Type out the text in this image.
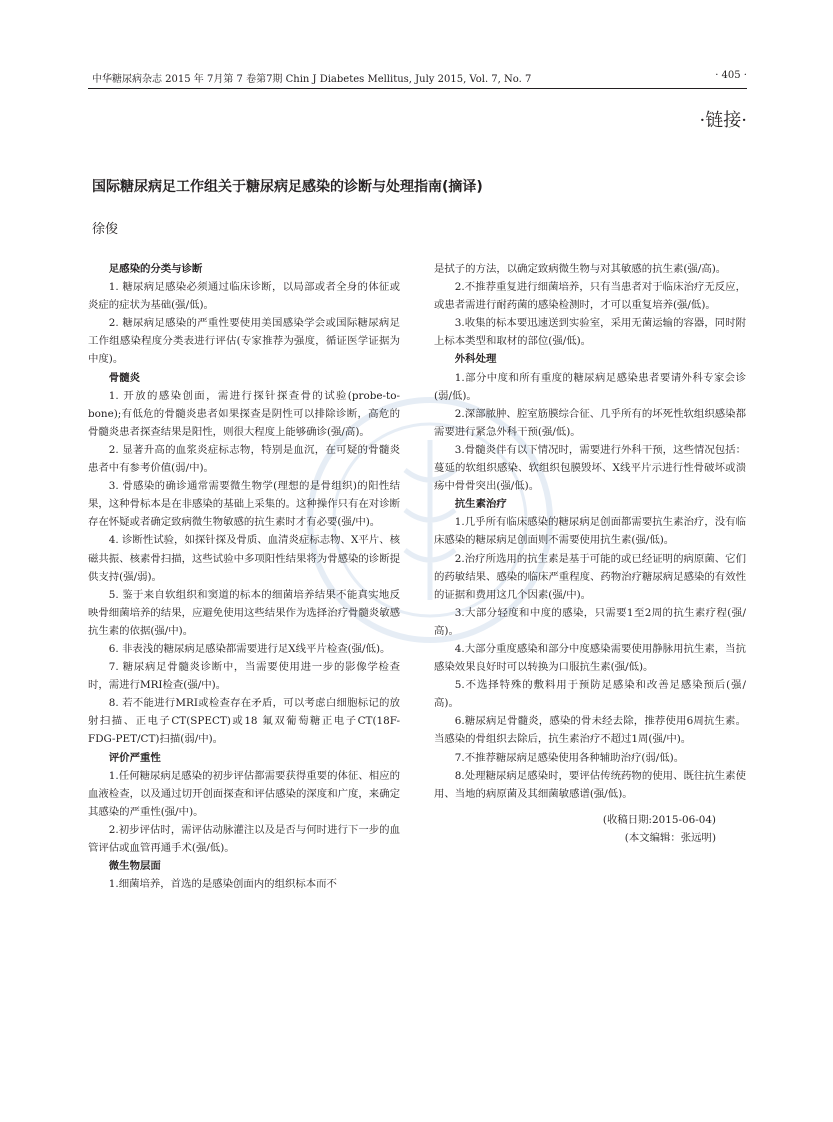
中华糖尿病杂志 2015 年 7月第 7 卷第7期 Chin J Diabetes Mellitus, July 2015, Vol. 7, No. 7	· 405 ·
·链接·
国际糖尿病足工作组关于糖尿病足感染的诊断与处理指南(摘译)
徐俊
足感染的分类与诊断

1. 糖尿病足感染必须通过临床诊断，以局部或者全身的体征或炎症的症状为基础(强/低)。

2. 糖尿病足感染的严重性要使用美国感染学会或国际糖尿病足工作组感染程度分类表进行评估(专家推荐为强度，循证医学证据为中度)。

骨髓炎

1. 开放的感染创面，需进行探针探查骨的试验(probe-to-bone);有低危的骨髓炎患者如果探查是阴性可以排除诊断，高危的骨髓炎患者探查结果是阳性，则很大程度上能够确诊(强/高)。

2. 显著升高的血浆炎症标志物，特别是血沉，在可疑的骨髓炎患者中有参考价值(弱/中)。

3. 骨感染的确诊通常需要微生物学(理想的是骨组织)的阳性结果，这种骨标本是在非感染的基础上采集的。这种操作只有在对诊断存在怀疑或者确定致病微生物敏感的抗生素时才有必要(强/中)。

4. 诊断性试验，如探针探及骨质、血清炎症标志物、X平片、核磁共振、核素骨扫描，这些试验中多项阳性结果将为骨感染的诊断提供支持(强/弱)。

5. 鉴于来自软组织和窦道的标本的细菌培养结果不能真实地反映骨细菌培养的结果，应避免使用这些结果作为选择治疗骨髓炎敏感抗生素的依据(强/中)。

6. 非表浅的糖尿病足感染都需要进行足X线平片检查(强/低)。

7. 糖尿病足骨髓炎诊断中，当需要使用进一步的影像学检查时，需进行MRI检查(强/中)。

8. 若不能进行MRI或检查存在矛盾，可以考虑白细胞标记的放射扫描、正电子CT(SPECT)或18 氟双葡萄糖正电子CT(18F-FDG-PET/CT)扫描(弱/中)。

评价严重性

1.任何糖尿病足感染的初步评估都需要获得重要的体征、相应的血液检查，以及通过切开创面探查和评估感染的深度和广度，来确定其感染的严重性(强/中)。

2.初步评估时，需评估动脉灌注以及是否与何时进行下一步的血管评估或血管再通手术(强/低)。

微生物层面

1.细菌培养，首选的是感染创面内的组织标本而不

是拭子的方法，以确定致病微生物与对其敏感的抗生素(强/高)。

2.不推荐重复进行细菌培养，只有当患者对于临床治疗无反应，或患者需进行耐药菌的感染检测时，才可以重复培养(强/低)。

3.收集的标本要迅速送到实验室，采用无菌运输的容器，同时附上标本类型和取材的部位(强/低)。

外科处理

1.部分中度和所有重度的糖尿病足感染患者要请外科专家会诊(弱/低)。

2.深部脓肿、腔室筋膜综合征、几乎所有的坏死性软组织感染都需要进行紧急外科干预(强/低)。

3.骨髓炎伴有以下情况时，需要进行外科干预，这些情况包括：蔓延的软组织感染、软组织包膜毁坏、X线平片示进行性骨破坏或溃疡中骨骨突出(强/低)。

抗生素治疗

1.几乎所有临床感染的糖尿病足创面都需要抗生素治疗，没有临床感染的糖尿病足创面则不需要使用抗生素(强/低)。

2.治疗所选用的抗生素是基于可能的或已经证明的病原菌、它们的药敏结果、感染的临床严重程度、药物治疗糖尿病足感染的有效性的证据和费用这几个因素(强/中)。

3.大部分轻度和中度的感染，只需要1至2周的抗生素疗程(强/高)。

4.大部分重度感染和部分中度感染需要使用静脉用抗生素，当抗感染效果良好时可以转换为口服抗生素(强/低)。

5.不选择特殊的敷料用于预防足感染和改善足感染预后(强/高)。

6.糖尿病足骨髓炎，感染的骨未经去除，推荐使用6周抗生素。当感染的骨组织去除后，抗生素治疗不超过1周(强/中)。

7.不推荐糖尿病足感染使用各种辅助治疗(弱/低)。

8.处理糖尿病足感染时，要评估传统药物的使用、既往抗生素使用、当地的病原菌及其细菌敏感谱(强/低)。

(收稿日期:2015-06-04)
(本文编辑：张远明)
